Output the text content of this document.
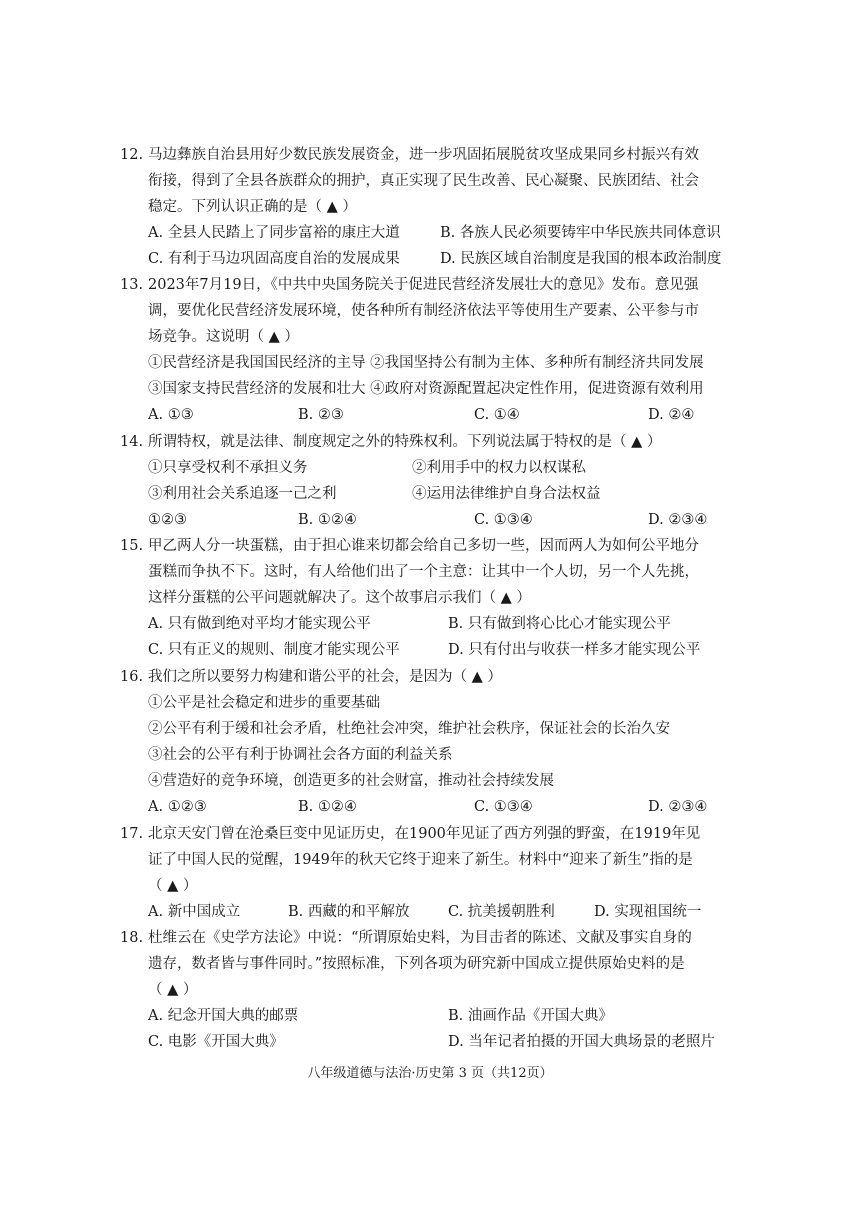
12. 马边彝族自治县用好少数民族发展资金，进一步巩固拓展脱贫攻坚成果同乡村振兴有效

衔接，得到了全县各族群众的拥护，真正实现了民生改善、民心凝聚、民族团结、社会

稳定。下列认识正确的是（ ▲ ）

A. 全县人民踏上了同步富裕的康庄大道	B. 各族人民必须要铸牢中华民族共同体意识
C. 有利于马边巩固高度自治的发展成果	D. 民族区域自治制度是我国的根本政治制度
13. 2023年7月19日，《中共中央国务院关于促进民营经济发展壮大的意见》发布。意见强

调，要优化民营经济发展环境，使各种所有制经济依法平等使用生产要素、公平参与市

场竞争。这说明（ ▲ ）

①民营经济是我国国民经济的主导 ②我国坚持公有制为主体、多种所有制经济共同发展
③国家支持民营经济的发展和壮大 ④政府对资源配置起决定性作用，促进资源有效利用
A. ①③	B. ②③	C. ①④	D. ②④
14. 所谓特权，就是法律、制度规定之外的特殊权利。下列说法属于特权的是（ ▲ ）

①只享受权利不承担义务	②利用手中的权力以权谋私
③利用社会关系追逐一己之利	④运用法律维护自身合法权益
①②③	B. ①②④	C. ①③④	D. ②③④
15. 甲乙两人分一块蛋糕，由于担心谁来切都会给自己多切一些，因而两人为如何公平地分

蛋糕而争执不下。这时，有人给他们出了一个主意：让其中一个人切，另一个人先挑，

这样分蛋糕的公平问题就解决了。这个故事启示我们（ ▲ ）

A. 只有做到绝对平均才能实现公平	B. 只有做到将心比心才能实现公平
C. 只有正义的规则、制度才能实现公平	D. 只有付出与收获一样多才能实现公平
16. 我们之所以要努力构建和谐公平的社会，是因为（ ▲ ）

①公平是社会稳定和进步的重要基础
②公平有利于缓和社会矛盾，杜绝社会冲突，维护社会秩序，保证社会的长治久安
③社会的公平有利于协调社会各方面的利益关系
④营造好的竞争环境，创造更多的社会财富，推动社会持续发展
A. ①②③	B. ①②④	C. ①③④	D. ②③④
17. 北京天安门曾在沧桑巨变中见证历史，在1900年见证了西方列强的野蛮，在1919年见

证了中国人民的觉醒，1949年的秋天它终于迎来了新生。材料中“迎来了新生”指的是

（ ▲ ）

A. 新中国成立	B. 西藏的和平解放	C. 抗美援朝胜利	D. 实现祖国统一
18. 杜维云在《史学方法论》中说：“所谓原始史料，为目击者的陈述、文献及事实自身的

遗存，数者皆与事件同时。”按照标准，下列各项为研究新中国成立提供原始史料的是

（ ▲ ）

A. 纪念开国大典的邮票	B. 油画作品《开国大典》
C. 电影《开国大典》	D. 当年记者拍摄的开国大典场景的老照片
八年级道德与法治·历史第 3 页（共12页）
